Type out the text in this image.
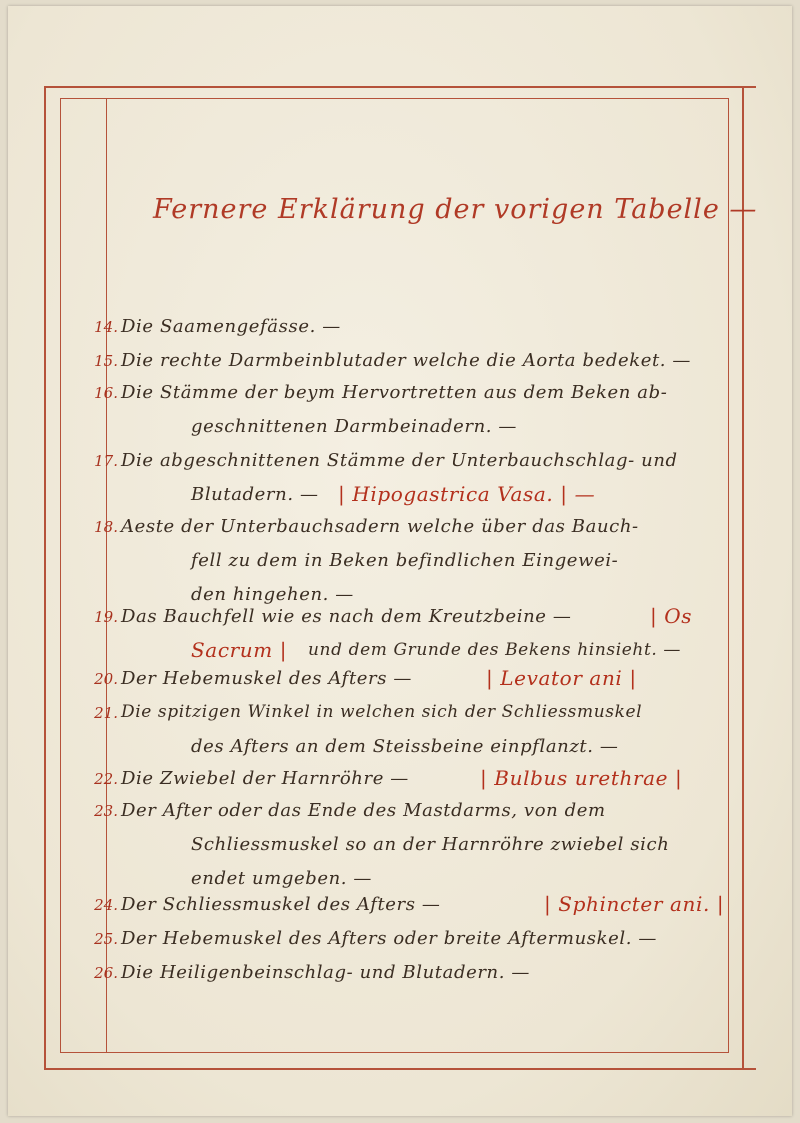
Fernere Erklärung der vorigen Tabelle —
14. Die Saamengefässe. —
15. Die rechte Darmbeinblutader welche die Aorta bedeket. —
16. Die Stämme der beym Hervortretten aus dem Beken ab-
geschnittenen Darmbeinadern. —
17. Die abgeschnittenen Stämme der Unterbauchschlag- und
Blutadern. — | Hipogastrica Vasa. | —
18. Aeste der Unterbauchsadern welche über das Bauch-
fell zu dem in Beken befindlichen Eingewei-
den hingehen. —
19. Das Bauchfell wie es nach dem Kreutzbeine —	| Os
Sacrum | und dem Grunde des Bekens hinsieht. —
20. Der Hebemuskel des Afters —	| Levator ani |
21. Die spitzigen Winkel in welchen sich der Schliessmuskel
des Afters an dem Steissbeine einpflanzt. —
22. Die Zwiebel der Harnröhre —	| Bulbus urethrae |
23. Der After oder das Ende des Mastdarms, von dem
Schliessmuskel so an der Harnröhre zwiebel sich
endet umgeben. —
24. Der Schliessmuskel des Afters —	| Sphincter ani. |
25. Der Hebemuskel des Afters oder breite Aftermuskel. —
26. Die Heiligenbeinschlag- und Blutadern. —
